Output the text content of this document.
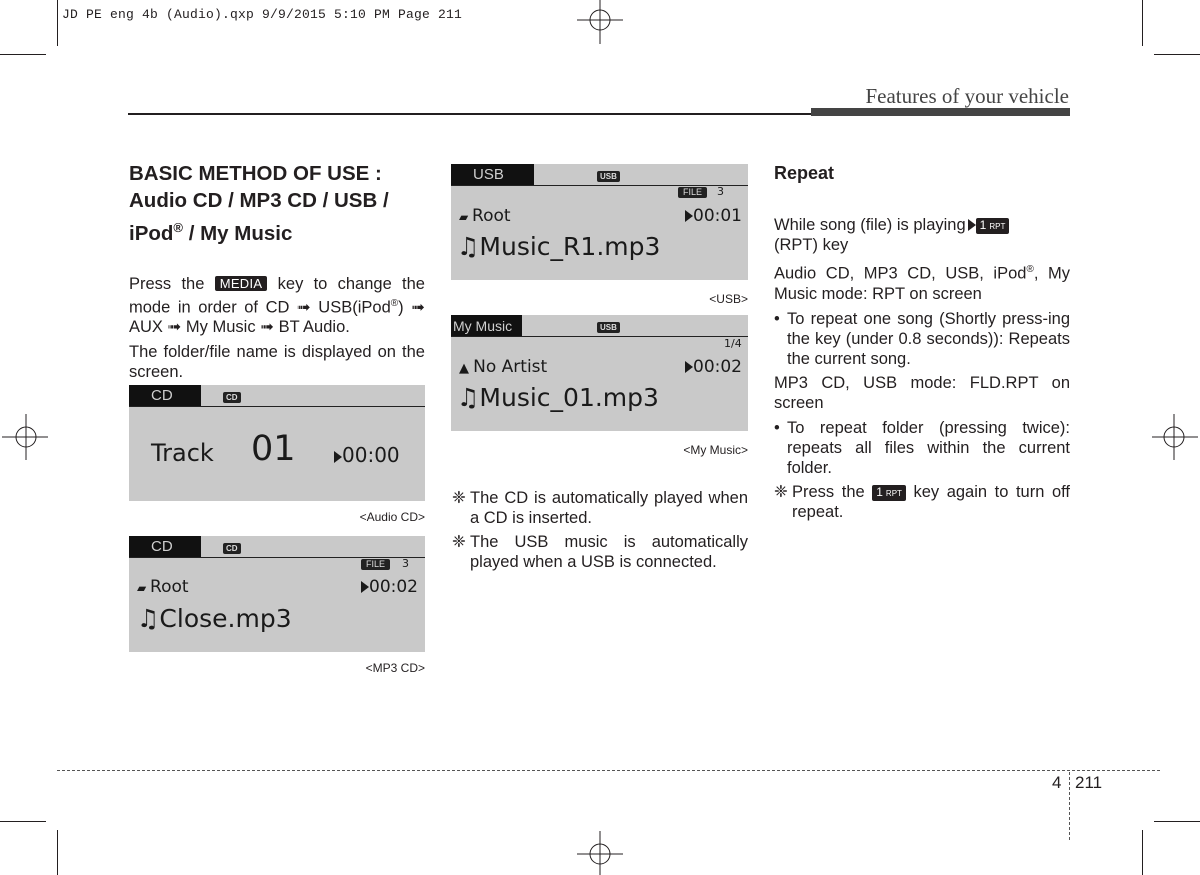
JD PE eng 4b (Audio).qxp 9/9/2015 5:10 PM Page 211
Features of your vehicle
BASIC METHOD OF USE :
Audio CD / MP3 CD / USB /
iPod® / My Music

Press the MEDIA key to change the mode in order of CD ➟ USB(iPod®) ➟ AUX ➟ My Music ➟ BT Audio.

The folder/file name is displayed on the screen.

CD	CD
Track 01	00:00
<Audio CD>
CD	CD
FILE	3
▰ Root	00:02
♫Close.mp3
<MP3 CD>
USB	USB
FILE	3
▰ Root	00:01
♫Music_R1.mp3
<USB>
My Music	USB
1/4
▲ No Artist	00:02
♫Music_01.mp3
<My Music>

❈ The CD is automatically played when a CD is inserted.

❈ The USB music is automatically played when a USB is connected.

Repeat

While song (file) is playing 1 RPT
(RPT) key

Audio CD, MP3 CD, USB, iPod®, My Music mode: RPT on screen

• To repeat one song (Shortly press-ing the key (under 0.8 seconds)): Repeats the current song.

MP3 CD, USB mode: FLD.RPT on screen

• To repeat folder (pressing twice): repeats all files within the current folder.

❈ Press the 1 RPT key again to turn off repeat.

4 211
